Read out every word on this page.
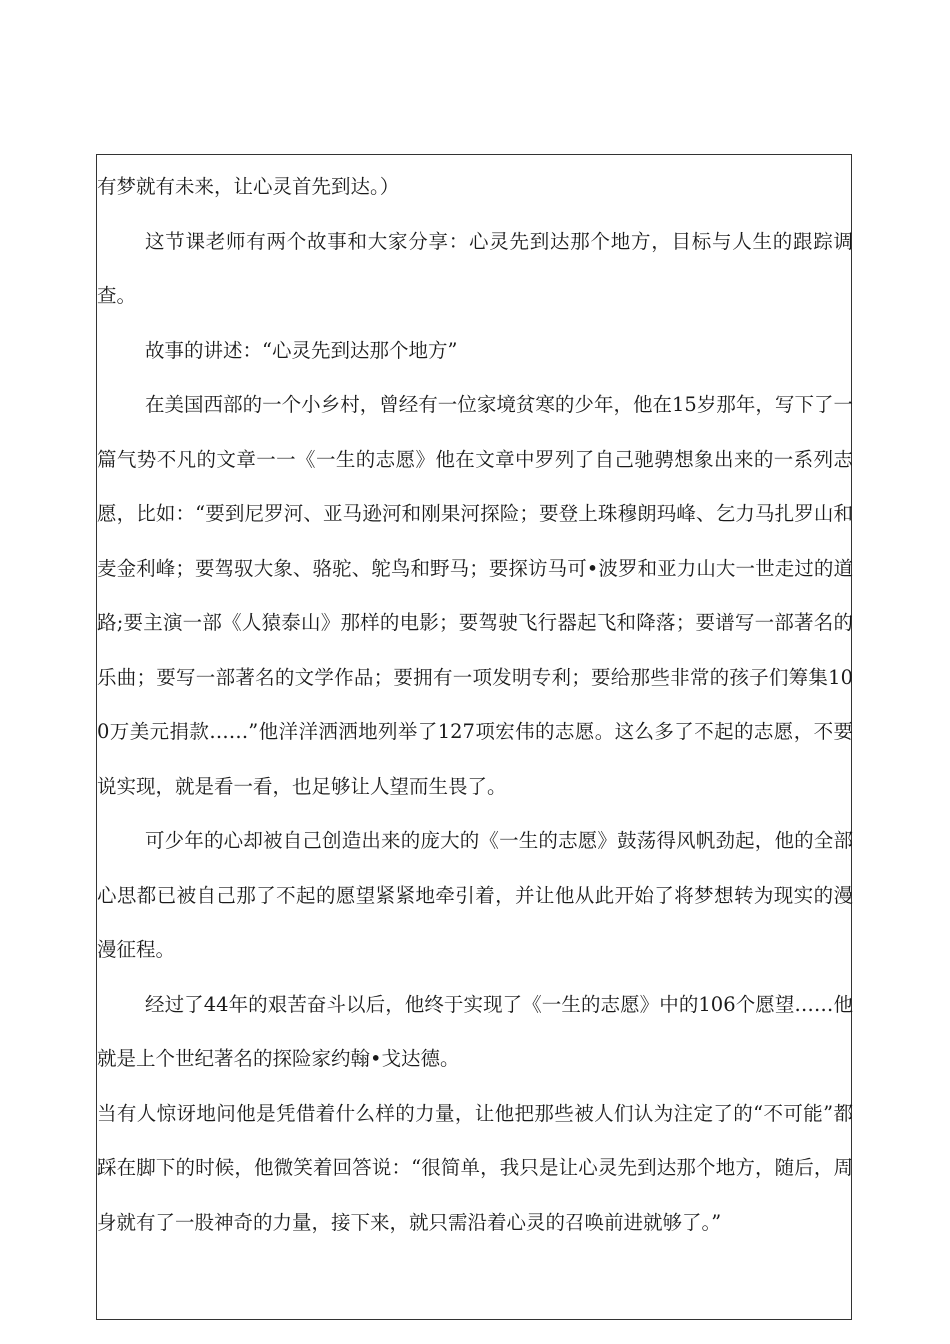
有梦就有未来，让心灵首先到达。）

这节课老师有两个故事和大家分享：心灵先到达那个地方，目标与人生的跟踪调查。

故事的讲述：“心灵先到达那个地方”

在美国西部的一个小乡村，曾经有一位家境贫寒的少年，他在15岁那年，写下了一篇气势不凡的文章一一《一生的志愿》他在文章中罗列了自己驰骋想象出来的一系列志愿，比如：“要到尼罗河、亚马逊河和刚果河探险；要登上珠穆朗玛峰、乞力马扎罗山和麦金利峰；要驾驭大象、骆驼、鸵鸟和野马；要探访马可•波罗和亚力山大一世走过的道路;要主演一部《人猿泰山》那样的电影；要驾驶飞行器起飞和降落；要谱写一部著名的乐曲；要写一部著名的文学作品；要拥有一项发明专利；要给那些非常的孩子们筹集100万美元捐款……”他洋洋洒洒地列举了127项宏伟的志愿。这么多了不起的志愿，不要说实现，就是看一看，也足够让人望而生畏了。

可少年的心却被自己创造出来的庞大的《一生的志愿》鼓荡得风帆劲起，他的全部心思都已被自己那了不起的愿望紧紧地牵引着，并让他从此开始了将梦想转为现实的漫漫征程。

经过了44年的艰苦奋斗以后，他终于实现了《一生的志愿》中的106个愿望……他就是上个世纪著名的探险家约翰•戈达德。

当有人惊讶地问他是凭借着什么样的力量，让他把那些被人们认为注定了的“不可能”都踩在脚下的时候，他微笑着回答说：“很简单，我只是让心灵先到达那个地方，随后，周身就有了一股神奇的力量，接下来，就只需沿着心灵的召唤前进就够了。”
